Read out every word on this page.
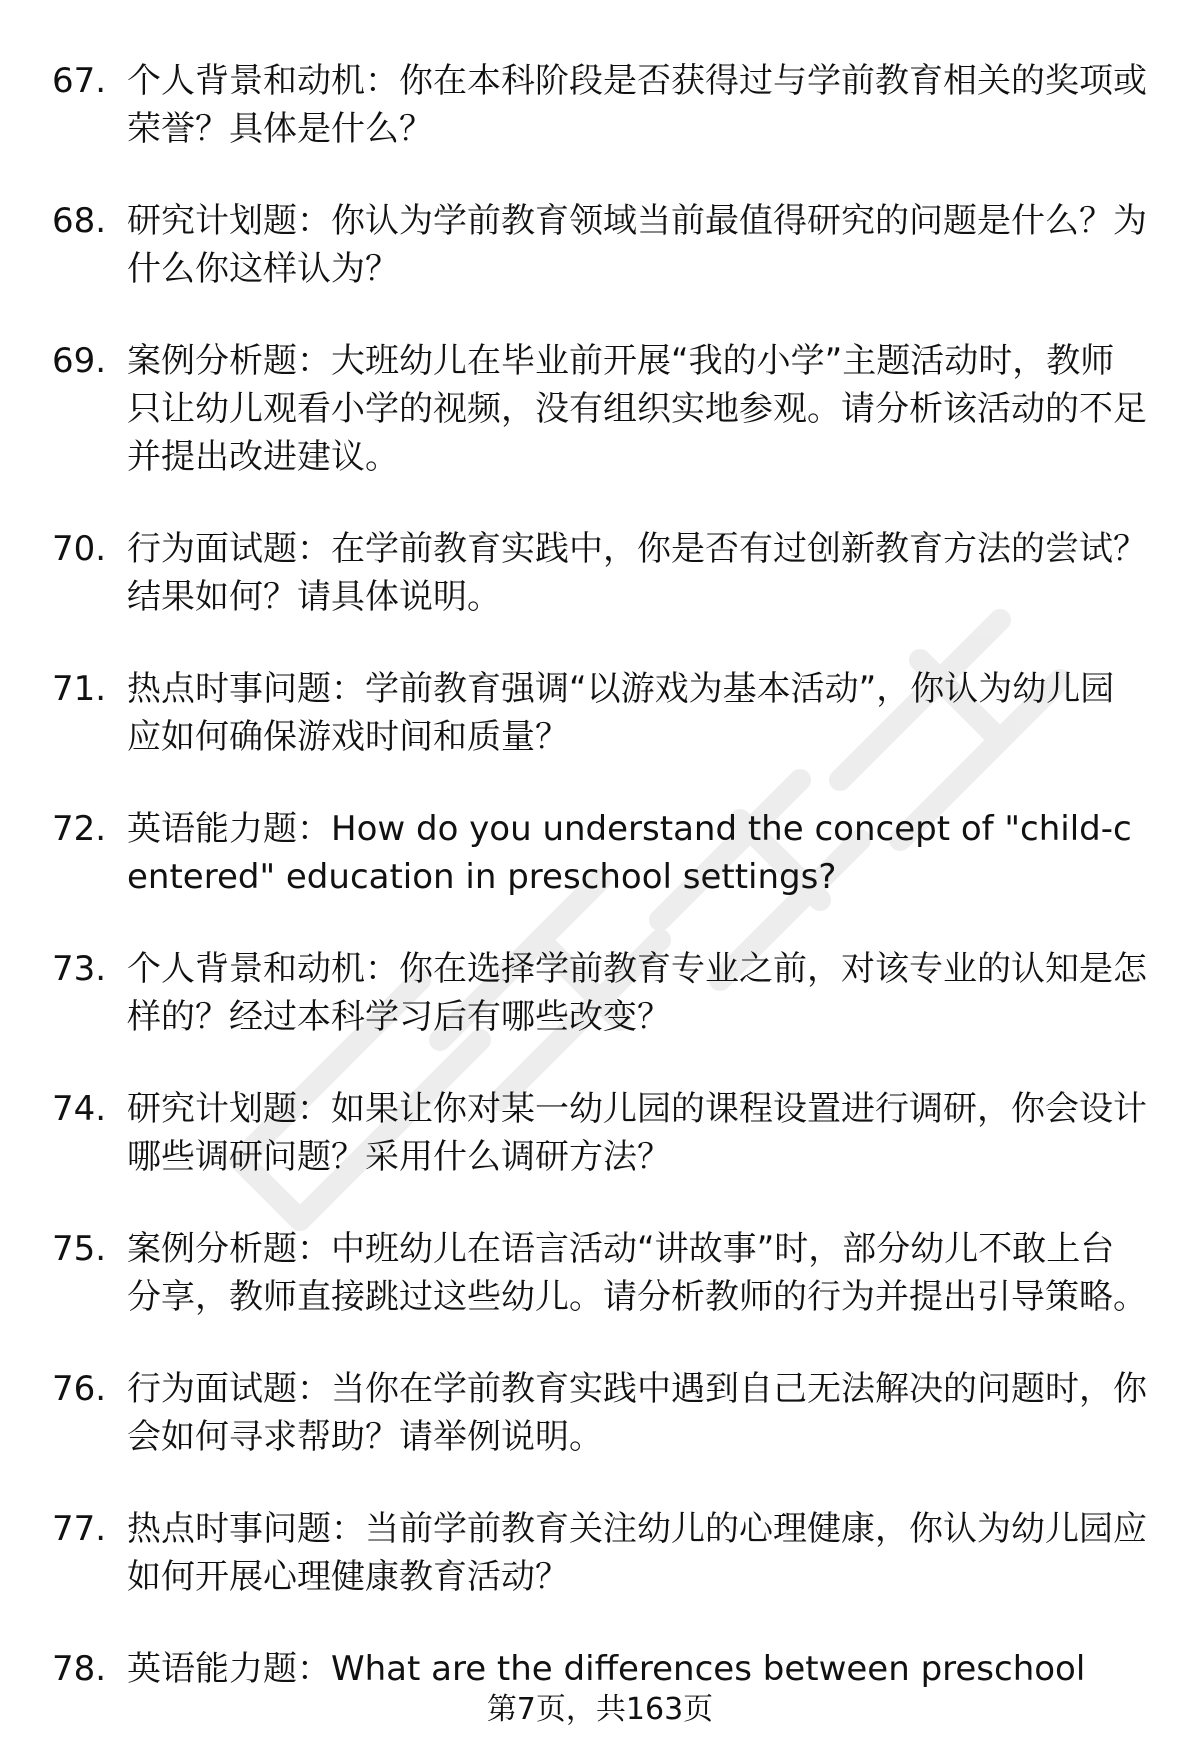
67. 个人背景和动机：你在本科阶段是否获得过与学前教育相关的奖项或荣誉？具体是什么？
68. 研究计划题：你认为学前教育领域当前最值得研究的问题是什么？为什么你这样认为？
69. 案例分析题：大班幼儿在毕业前开展“我的小学”主题活动时，教师只让幼儿观看小学的视频，没有组织实地参观。请分析该活动的不足并提出改进建议。
70. 行为面试题：在学前教育实践中，你是否有过创新教育方法的尝试？结果如何？请具体说明。
71. 热点时事问题：学前教育强调“以游戏为基本活动”，你认为幼儿园应如何确保游戏时间和质量？
72. 英语能力题：How do you understand the concept of "child-centered" education in preschool settings?
73. 个人背景和动机：你在选择学前教育专业之前，对该专业的认知是怎样的？经过本科学习后有哪些改变？
74. 研究计划题：如果让你对某一幼儿园的课程设置进行调研，你会设计哪些调研问题？采用什么调研方法？
75. 案例分析题：中班幼儿在语言活动“讲故事”时，部分幼儿不敢上台分享，教师直接跳过这些幼儿。请分析教师的行为并提出引导策略。
76. 行为面试题：当你在学前教育实践中遇到自己无法解决的问题时，你会如何寻求帮助？请举例说明。
77. 热点时事问题：当前学前教育关注幼儿的心理健康，你认为幼儿园应如何开展心理健康教育活动？
78. 英语能力题：What are the differences between preschool
第7页，共163页
